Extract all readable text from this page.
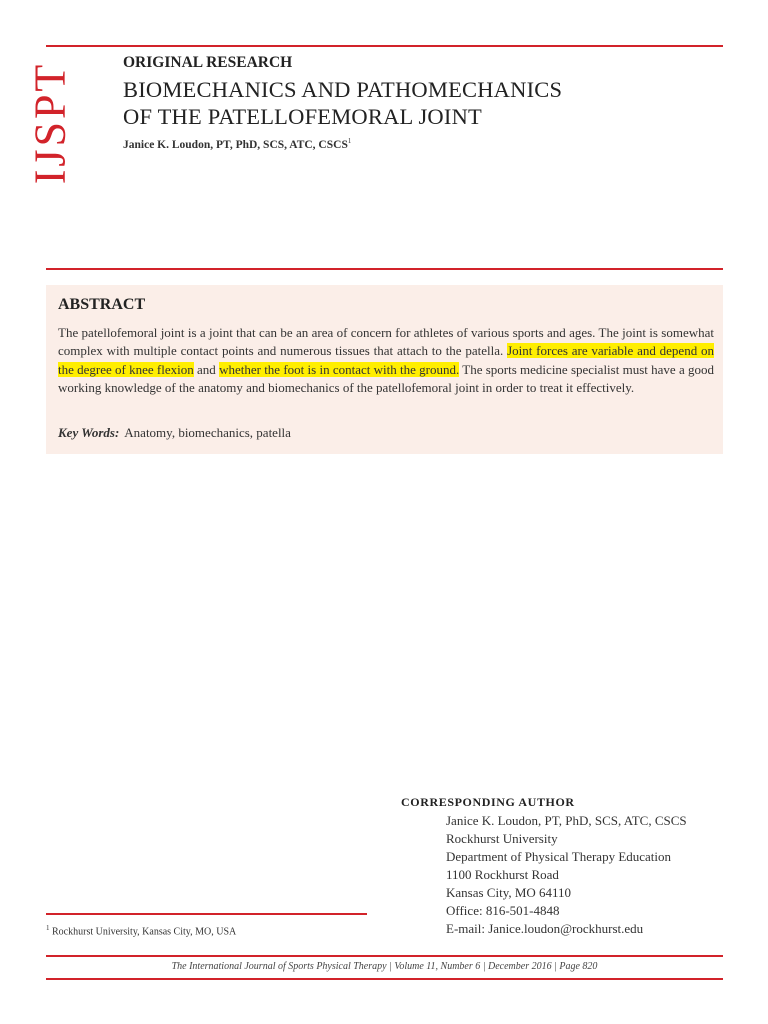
IJSPT	ORIGINAL RESEARCH
BIOMECHANICS AND PATHOMECHANICS
OF THE PATELLOFEMORAL JOINT
Janice K. Loudon, PT, PhD, SCS, ATC, CSCS$^1$
ABSTRACT
The patellofemoral joint is a joint that can be an area of concern for athletes of various sports and ages. The joint is somewhat complex with multiple contact points and numerous tissues that attach to the patella. Joint forces are variable and depend on the degree of knee flexion and whether the foot is in contact with the ground. The sports medicine specialist must have a good working knowledge of the anatomy and biomechanics of the patellofemoral joint in order to treat it effectively.
Key Words: Anatomy, biomechanics, patella
CORRESPONDING AUTHOR
Janice K. Loudon, PT, PhD, SCS, ATC, CSCS
Rockhurst University
Department of Physical Therapy Education
1100 Rockhurst Road
Kansas City, MO 64110
Office: 816-501-4848
E-mail: Janice.loudon@rockhurst.edu
$^1$ Rockhurst University, Kansas City, MO, USA
The International Journal of Sports Physical Therapy | Volume 11, Number 6 | December 2016 | Page 820
